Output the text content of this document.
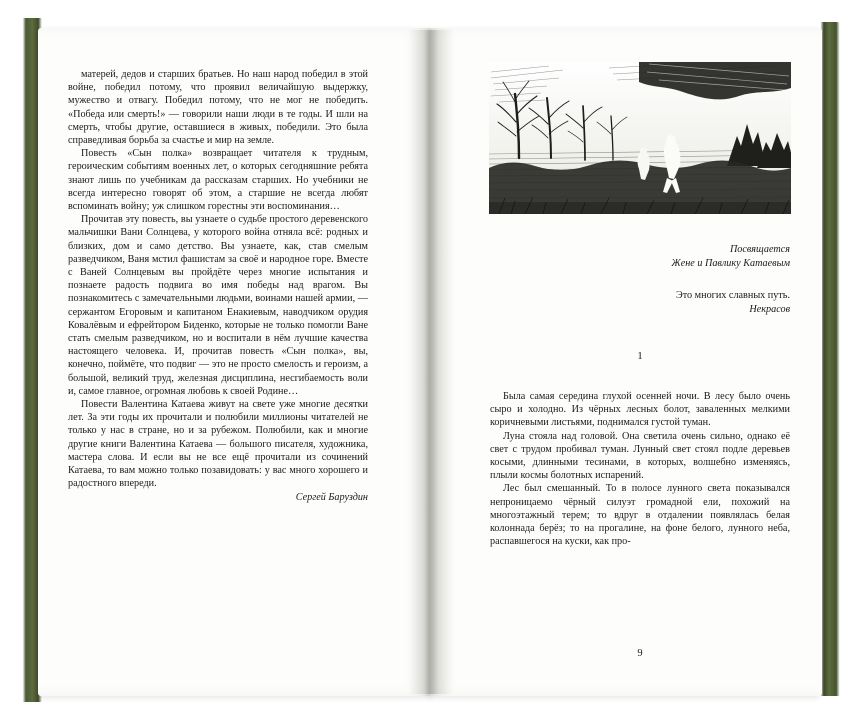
матерей, дедов и старших братьев. Но наш народ победил в этой войне, победил потому, что проявил величайшую выдержку, мужество и отвагу. Победил потому, что не мог не победить. «Победа или смерть!» — говорили наши люди в те годы. И шли на смерть, чтобы другие, оставшиеся в живых, победили. Это была справедливая борьба за счастье и мир на земле.

Повесть «Сын полка» возвращает читателя к трудным, героическим событиям военных лет, о которых сегодняшние ребята знают лишь по учебникам да рассказам старших. Но учебники не всегда интересно говорят об этом, а старшие не всегда любят вспоминать войну; уж слишком горестны эти воспоминания…

Прочитав эту повесть, вы узнаете о судьбе простого деревенского мальчишки Вани Солнцева, у которого война отняла всё: родных и близких, дом и само детство. Вы узнаете, как, став смелым разведчиком, Ваня мстил фашистам за своё и народное горе. Вместе с Ваней Солнцевым вы пройдёте через многие испытания и познаете радость подвига во имя победы над врагом. Вы познакомитесь с замечательными людьми, воинами нашей армии, — сержантом Егоровым и капитаном Енакиевым, наводчиком орудия Ковалёвым и ефрейтором Биденко, которые не только помогли Ване стать смелым разведчиком, но и воспитали в нём лучшие качества настоящего человека. И, прочитав повесть «Сын полка», вы, конечно, поймёте, что подвиг — это не просто смелость и героизм, а большой, великий труд, железная дисциплина, несгибаемость воли и, самое главное, огромная любовь к своей Родине…

Повести Валентина Катаева живут на свете уже многие десятки лет. За эти годы их прочитали и полюбили миллионы читателей не только у нас в стране, но и за рубежом. Полюбили, как и многие другие книги Валентина Катаева — большого писателя, художника, мастера слова. И если вы не все ещё прочитали из сочинений Катаева, то вам можно только позавидовать: у вас много хорошего и радостного впереди.

Сергей Баруздин

Посвящается
Жене и Павлику Катаевым
Это многих славных путь.
Некрасов
1

Была самая середина глухой осенней ночи. В лесу было очень сыро и холодно. Из чёрных лесных болот, заваленных мелкими коричневыми листьями, поднимался густой туман.

Луна стояла над головой. Она светила очень сильно, однако её свет с трудом пробивал туман. Лунный свет стоял подле деревьев косыми, длинными тесинами, в которых, волшебно изменяясь, плыли космы болотных испарений.

Лес был смешанный. То в полосе лунного света показывался непроницаемо чёрный силуэт громадной ели, похожий на многоэтажный терем; то вдруг в отдалении появлялась белая колоннада берёз; то на прогалине, на фоне белого, лунного неба, распавшегося на куски, как про-

9
